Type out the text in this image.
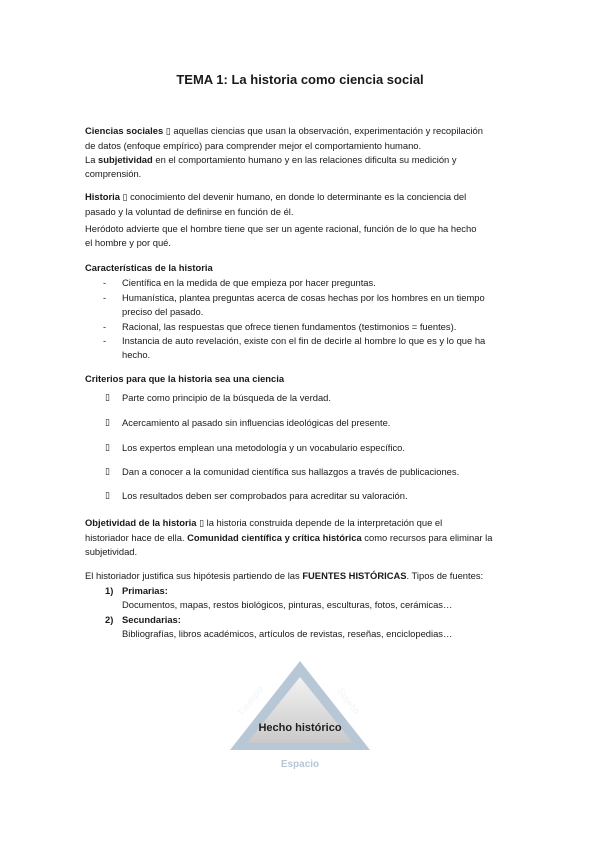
TEMA 1: La historia como ciencia social
Ciencias sociales ▯ aquellas ciencias que usan la observación, experimentación y recopilación
de datos (enfoque empírico) para comprender mejor el comportamiento humano.
La subjetividad en el comportamiento humano y en las relaciones dificulta su medición y
comprensión.
Historia ▯ conocimiento del devenir humano, en donde lo determinante es la conciencia del
pasado y la voluntad de definirse en función de él.
Heródoto advierte que el hombre tiene que ser un agente racional, función de lo que ha hecho
el hombre y por qué.
Características de la historia
- Científica en la medida de que empieza por hacer preguntas.
- Humanística, plantea preguntas acerca de cosas hechas por los hombres en un tiempo
preciso del pasado.
- Racional, las respuestas que ofrece tienen fundamentos (testimonios = fuentes).
- Instancia de auto revelación, existe con el fin de decirle al hombre lo que es y lo que ha
hecho.
Criterios para que la historia sea una ciencia
▯ Parte como principio de la búsqueda de la verdad.
▯ Acercamiento al pasado sin influencias ideológicas del presente.
▯ Los expertos emplean una metodología y un vocabulario específico.
▯ Dan a conocer a la comunidad científica sus hallazgos a través de publicaciones.
▯ Los resultados deben ser comprobados para acreditar su valoración.
Objetividad de la historia ▯ la historia construida depende de la interpretación que el
historiador hace de ella. Comunidad científica y crítica histórica como recursos para eliminar la
subjetividad.
El historiador justifica sus hipótesis partiendo de las FUENTES HISTÓRICAS. Tipos de fuentes:
1) Primarias:
Documentos, mapas, restos biológicos, pinturas, esculturas, fotos, cerámicas…
2) Secundarias:
Bibliografías, libros académicos, artículos de revistas, reseñas, enciclopedias…
Hecho histórico
Tiempo	Sujeto
Espacio
